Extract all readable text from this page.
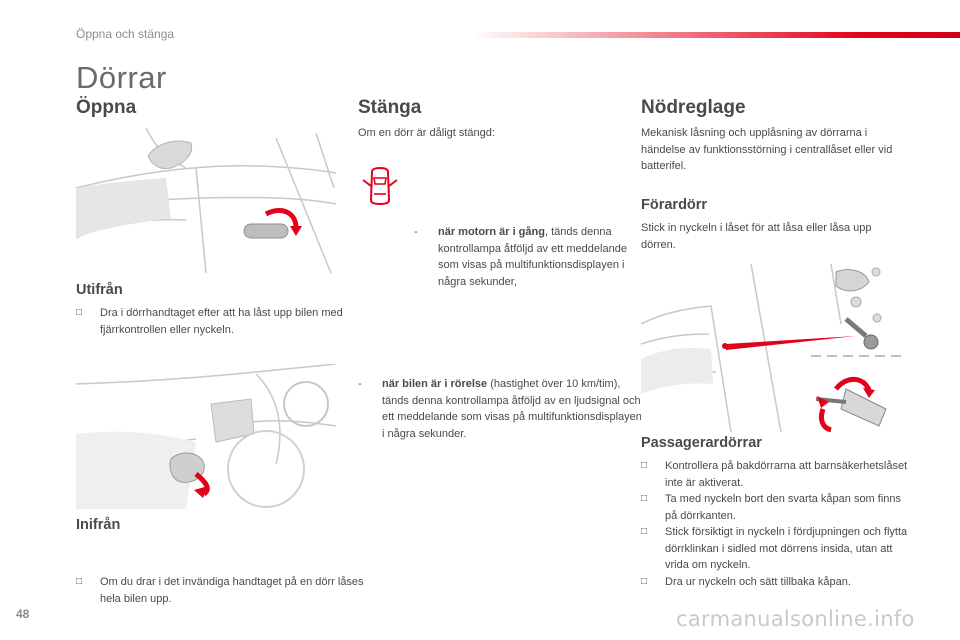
Öppna och stänga
Dörrar
Öppna
Utifrån
□ Dra i dörrhandtaget efter att ha låst upp bilen med fjärrkontrollen eller nyckeln.
Inifrån
□ Om du drar i det invändiga handtaget på en dörr låses hela bilen upp.
Stänga
Om en dörr är dåligt stängd:
- när motorn är i gång, tänds denna kontrollampa åtföljd av ett meddelande som visas på multifunktionsdisplayen i några sekunder,
- när bilen är i rörelse (hastighet över 10 km/tim), tänds denna kontrollampa åtföljd av en ljudsignal och ett meddelande som visas på multifunktionsdisplayen i några sekunder.
Nödreglage
Mekanisk låsning och upplåsning av dörrarna i händelse av funktionsstörning i centrallåset eller vid batterifel.
Förardörr
Stick in nyckeln i låset för att låsa eller låsa upp dörren.
Passagerardörrar
□ Kontrollera på bakdörrarna att barnsäkerhetslåset inte är aktiverat.
□ Ta med nyckeln bort den svarta kåpan som finns på dörrkanten.
□ Stick försiktigt in nyckeln i fördjupningen och flytta dörrklinkan i sidled mot dörrens insida, utan att vrida om nyckeln.
□ Dra ur nyckeln och sätt tillbaka kåpan.
48	carmanualsonline.info
